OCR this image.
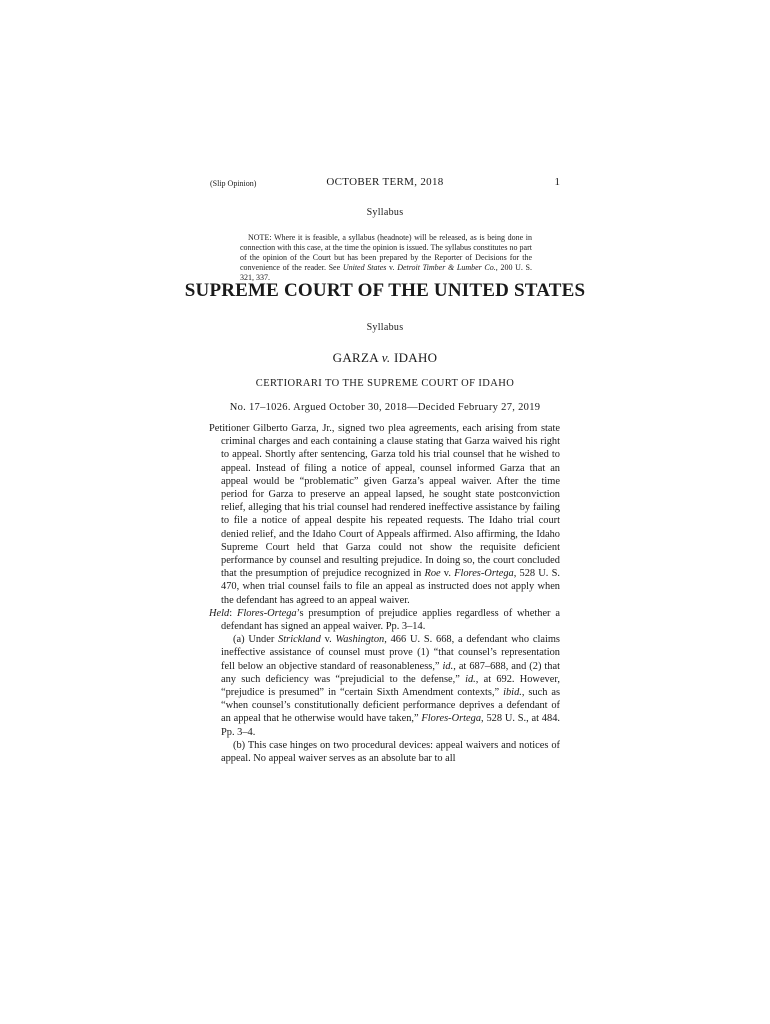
(Slip Opinion)	OCTOBER TERM, 2018	1
Syllabus
NOTE: Where it is feasible, a syllabus (headnote) will be released, as is being done in connection with this case, at the time the opinion is issued. The syllabus constitutes no part of the opinion of the Court but has been prepared by the Reporter of Decisions for the convenience of the reader. See United States v. Detroit Timber & Lumber Co., 200 U. S. 321, 337.
SUPREME COURT OF THE UNITED STATES
Syllabus
GARZA v. IDAHO
CERTIORARI TO THE SUPREME COURT OF IDAHO
No. 17–1026. Argued October 30, 2018—Decided February 27, 2019

Petitioner Gilberto Garza, Jr., signed two plea agreements, each arising from state criminal charges and each containing a clause stating that Garza waived his right to appeal. Shortly after sentencing, Garza told his trial counsel that he wished to appeal. Instead of filing a notice of appeal, counsel informed Garza that an appeal would be “problematic” given Garza’s appeal waiver. After the time period for Garza to preserve an appeal lapsed, he sought state postconviction relief, alleging that his trial counsel had rendered ineffective assistance by failing to file a notice of appeal despite his repeated requests. The Idaho trial court denied relief, and the Idaho Court of Appeals affirmed. Also affirming, the Idaho Supreme Court held that Garza could not show the requisite deficient performance by counsel and resulting prejudice. In doing so, the court concluded that the presumption of prejudice recognized in Roe v. Flores-Ortega, 528 U. S. 470, when trial counsel fails to file an appeal as instructed does not apply when the defendant has agreed to an appeal waiver.

Held: Flores-Ortega’s presumption of prejudice applies regardless of whether a defendant has signed an appeal waiver. Pp. 3–14.

(a) Under Strickland v. Washington, 466 U. S. 668, a defendant who claims ineffective assistance of counsel must prove (1) “that counsel’s representation fell below an objective standard of reasonableness,” id., at 687–688, and (2) that any such deficiency was “prejudicial to the defense,” id., at 692. However, “prejudice is presumed” in “certain Sixth Amendment contexts,” ibid., such as “when counsel’s constitutionally deficient performance deprives a defendant of an appeal that he otherwise would have taken,” Flores-Ortega, 528 U. S., at 484. Pp. 3–4.

(b) This case hinges on two procedural devices: appeal waivers and notices of appeal. No appeal waiver serves as an absolute bar to all
